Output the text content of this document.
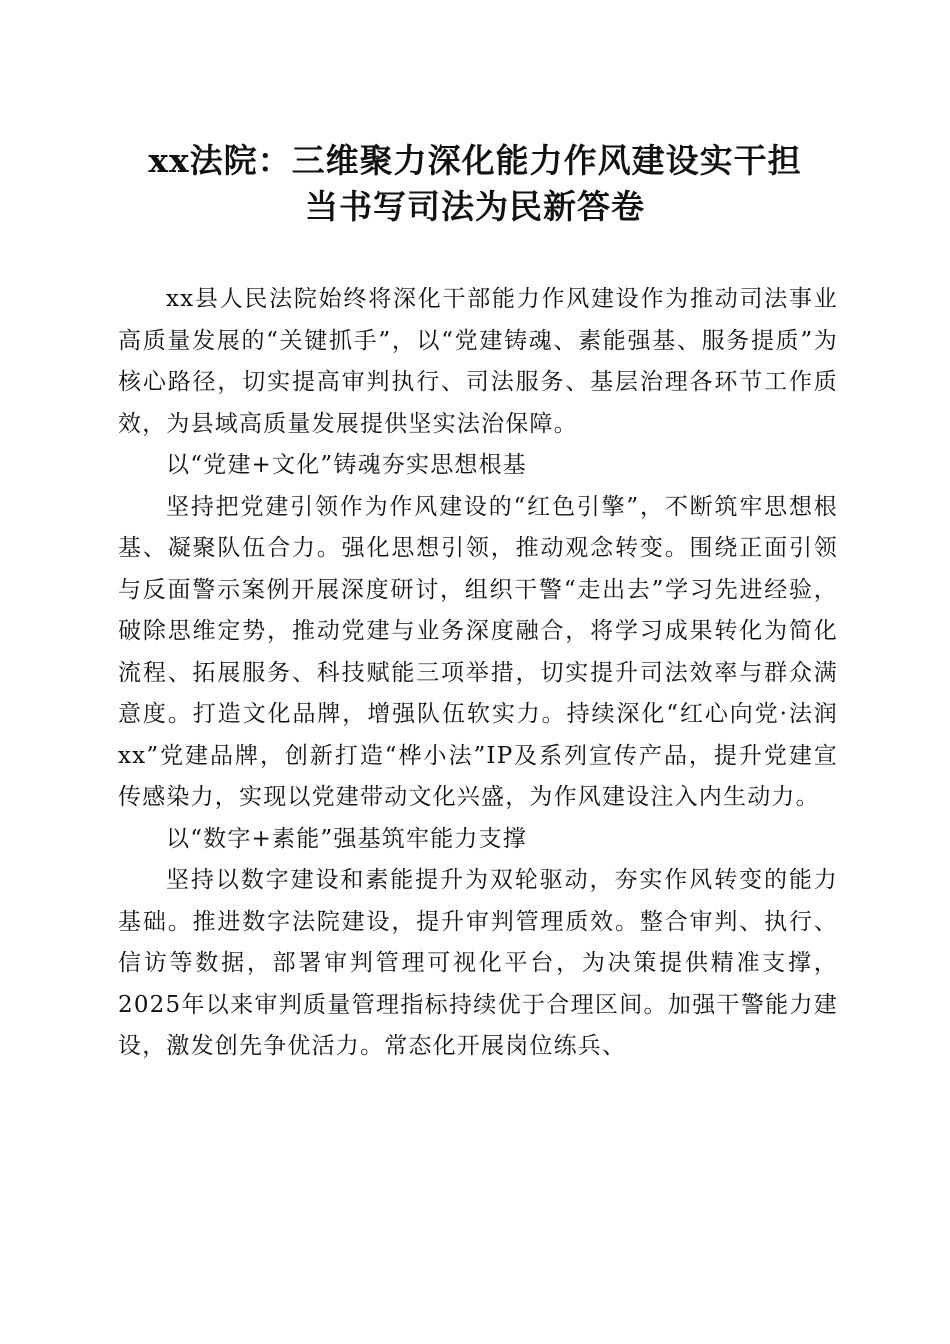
xx法院：三维聚力深化能力作风建设实干担
当书写司法为民新答卷

xx县人民法院始终将深化干部能力作风建设作为推动司法事业高质量发展的“关键抓手”，以“党建铸魂、素能强基、服务提质”为核心路径，切实提高审判执行、司法服务、基层治理各环节工作质效，为县域高质量发展提供坚实法治保障。

以“党建+文化”铸魂夯实思想根基

坚持把党建引领作为作风建设的“红色引擎”，不断筑牢思想根基、凝聚队伍合力。强化思想引领，推动观念转变。围绕正面引领与反面警示案例开展深度研讨，组织干警“走出去”学习先进经验，破除思维定势，推动党建与业务深度融合，将学习成果转化为简化流程、拓展服务、科技赋能三项举措，切实提升司法效率与群众满意度。打造文化品牌，增强队伍软实力。持续深化“红心向党·法润xx”党建品牌，创新打造“桦小法”IP及系列宣传产品，提升党建宣传感染力，实现以党建带动文化兴盛，为作风建设注入内生动力。

以“数字+素能”强基筑牢能力支撑

坚持以数字建设和素能提升为双轮驱动，夯实作风转变的能力基础。推进数字法院建设，提升审判管理质效。整合审判、执行、信访等数据，部署审判管理可视化平台，为决策提供精准支撑，2025年以来审判质量管理指标持续优于合理区间。加强干警能力建设，激发创先争优活力。常态化开展岗位练兵、
